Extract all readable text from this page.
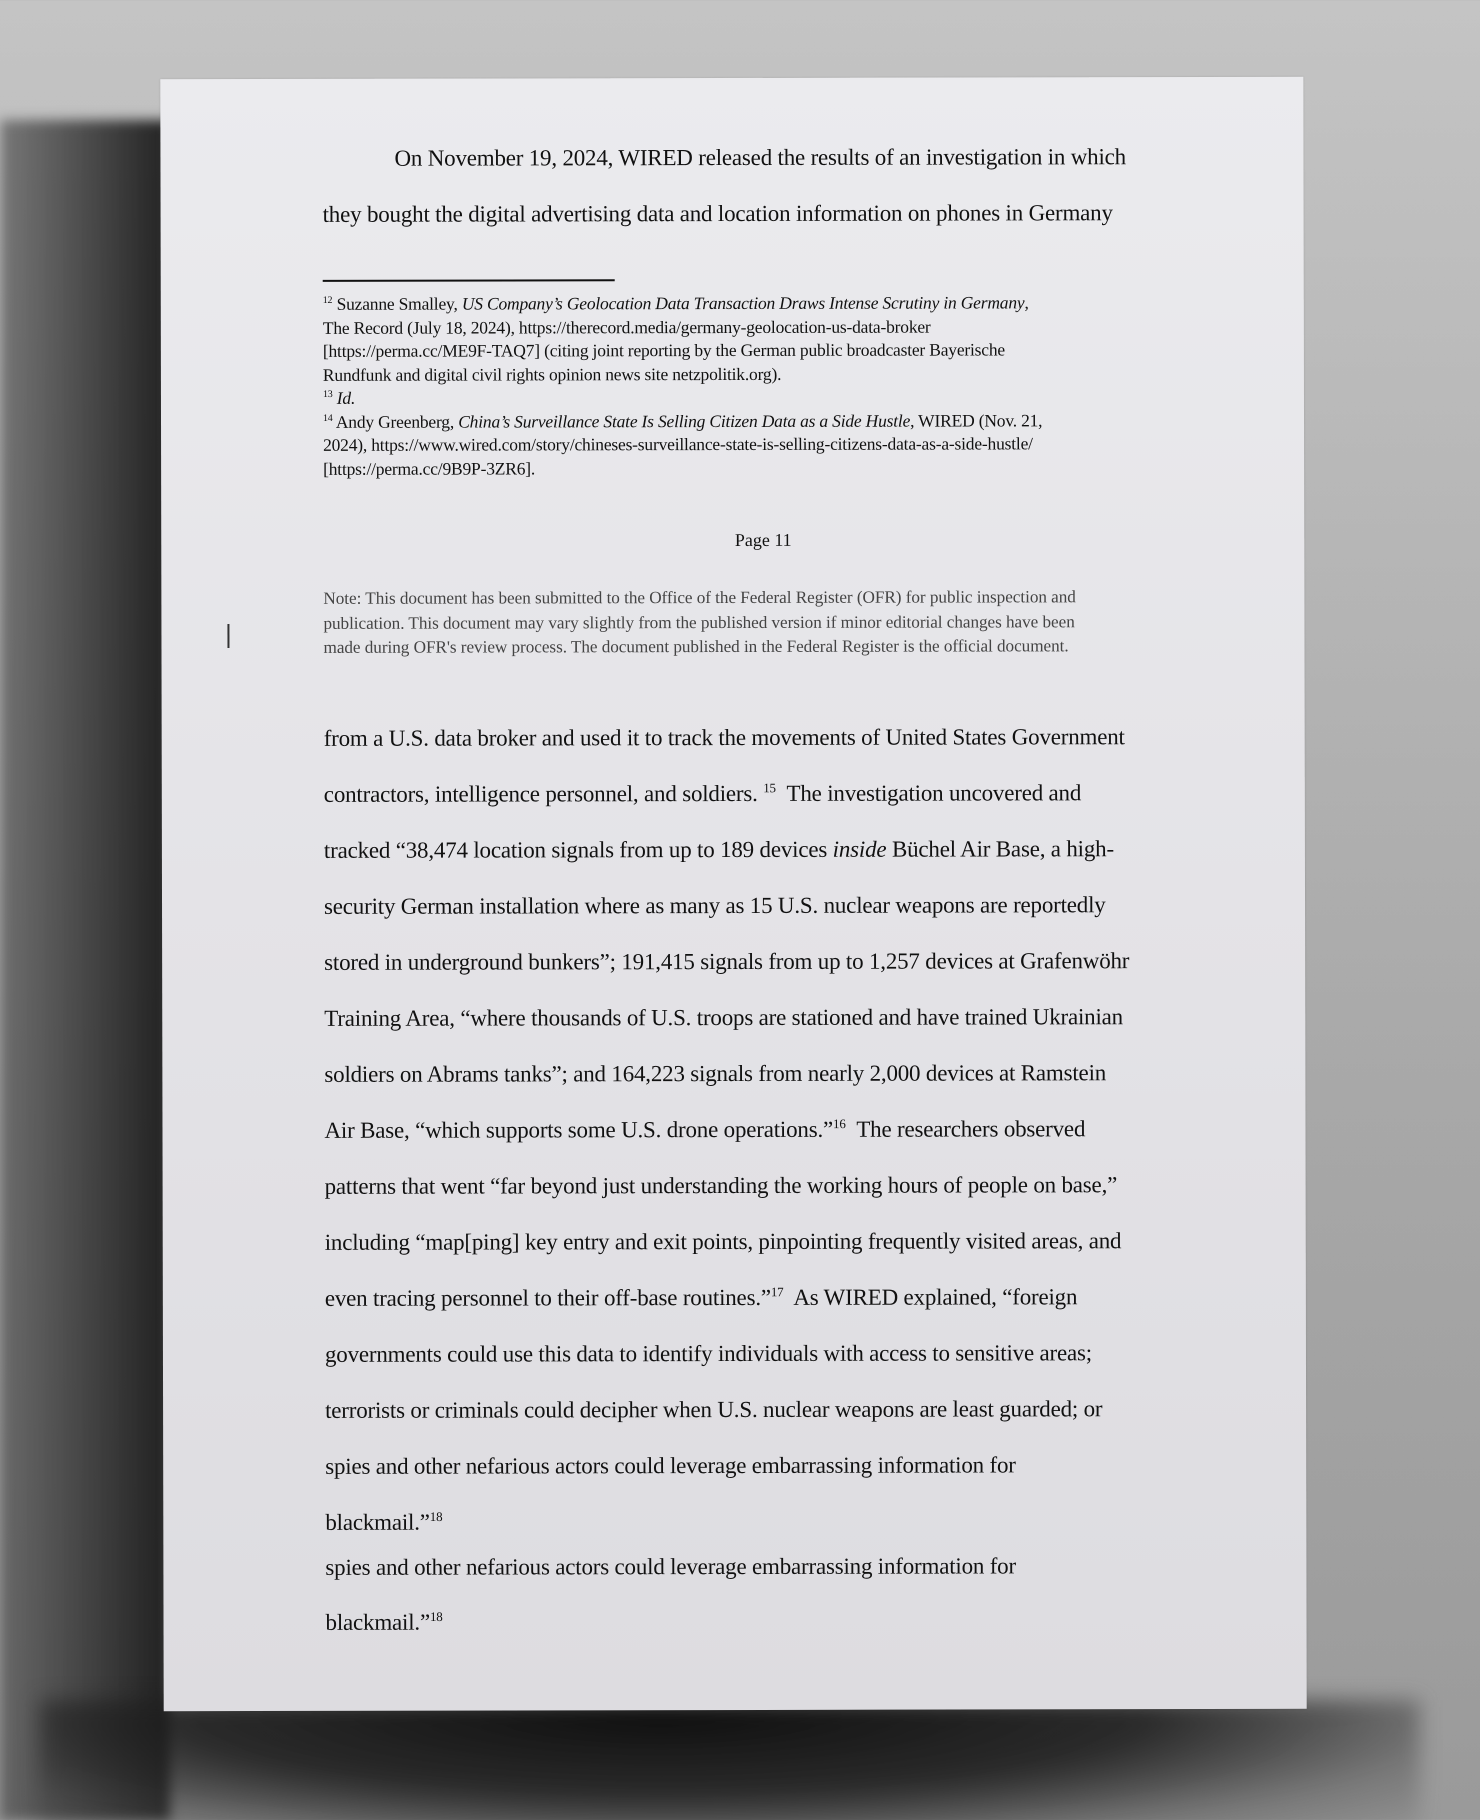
On November 19, 2024, WIRED released the results of an investigation in which
they bought the digital advertising data and location information on phones in Germany
$^{12}$ Suzanne Smalley, US Company’s Geolocation Data Transaction Draws Intense Scrutiny in Germany,
The Record (July 18, 2024), https://therecord.media/germany-geolocation-us-data-broker
[https://perma.cc/ME9F-TAQ7] (citing joint reporting by the German public broadcaster Bayerische
Rundfunk and digital civil rights opinion news site netzpolitik.org).
$^{13}$ Id.
$^{14}$ Andy Greenberg, China’s Surveillance State Is Selling Citizen Data as a Side Hustle, WIRED (Nov. 21,
2024), https://www.wired.com/story/chineses-surveillance-state-is-selling-citizens-data-as-a-side-hustle/
[https://perma.cc/9B9P-3ZR6].
Page 11
Note: This document has been submitted to the Office of the Federal Register (OFR) for public inspection and
publication. This document may vary slightly from the published version if minor editorial changes have been
made during OFR's review process. The document published in the Federal Register is the official document.
from a U.S. data broker and used it to track the movements of United States Government
contractors, intelligence personnel, and soldiers. $^{15}$  The investigation uncovered and
tracked “38,474 location signals from up to 189 devices inside Büchel Air Base, a high-
security German installation where as many as 15 U.S. nuclear weapons are reportedly
stored in underground bunkers”; 191,415 signals from up to 1,257 devices at Grafenwöhr
Training Area, “where thousands of U.S. troops are stationed and have trained Ukrainian
soldiers on Abrams tanks”; and 164,223 signals from nearly 2,000 devices at Ramstein
Air Base, “which supports some U.S. drone operations.”$^{16}$  The researchers observed
patterns that went “far beyond just understanding the working hours of people on base,”
including “map[ping] key entry and exit points, pinpointing frequently visited areas, and
even tracing personnel to their off-base routines.”$^{17}$  As WIRED explained, “foreign
governments could use this data to identify individuals with access to sensitive areas;
terrorists or criminals could decipher when U.S. nuclear weapons are least guarded; or
spies and other nefarious actors could leverage embarrassing information for
blackmail.”$^{18}$
spies and other nefarious actors could leverage embarrassing information for
blackmail.”$^{18}$
